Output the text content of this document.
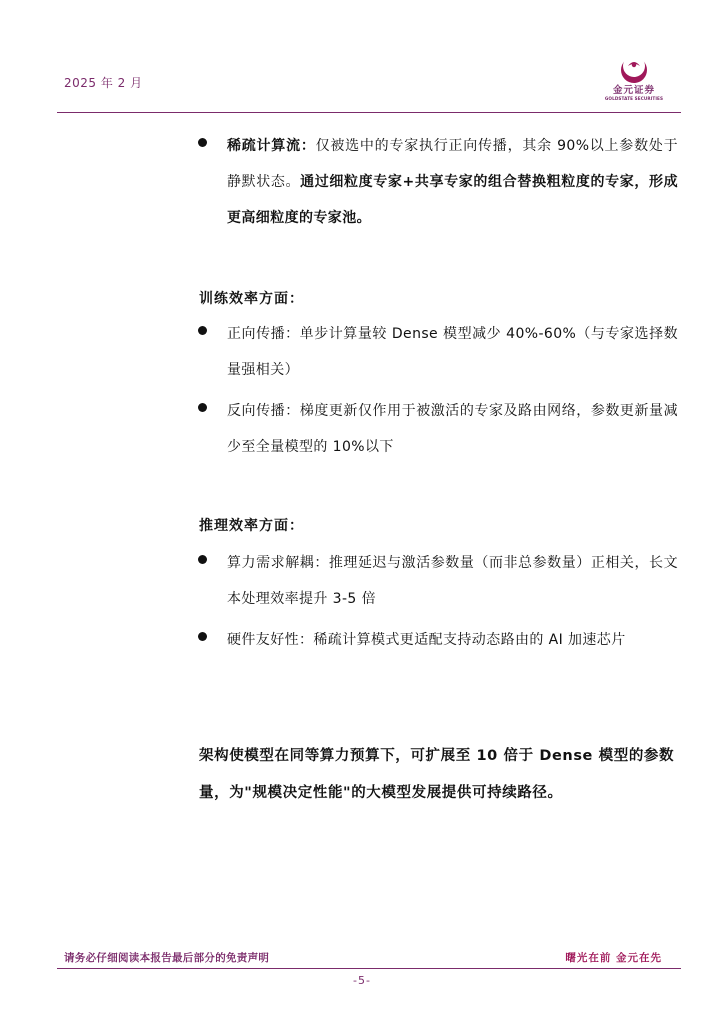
2025 年 2 月
金元证券
GOLDSTATE SECURITIES
稀疏计算流：仅被选中的专家执行正向传播，其余 90%以上参数处于静默状态。通过细粒度专家+共享专家的组合替换粗粒度的专家，形成更高细粒度的专家池。
训练效率方面：
正向传播：单步计算量较 Dense 模型减少 40%-60%（与专家选择数量强相关）
反向传播：梯度更新仅作用于被激活的专家及路由网络，参数更新量减少至全量模型的 10%以下
推理效率方面：
算力需求解耦：推理延迟与激活参数量（而非总参数量）正相关，长文本处理效率提升 3-5 倍
硬件友好性：稀疏计算模式更适配支持动态路由的 AI 加速芯片
架构使模型在同等算力预算下，可扩展至 10 倍于 Dense 模型的参数量，为"规模决定性能"的大模型发展提供可持续路径。
请务必仔细阅读本报告最后部分的免责声明	曙光在前 金元在先
-5-
